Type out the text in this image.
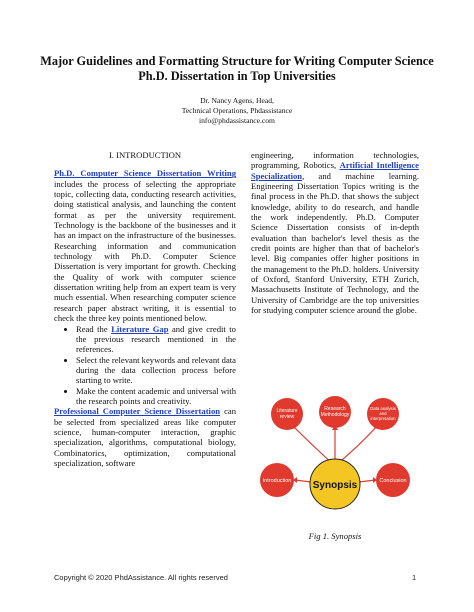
Major Guidelines and Formatting Structure for Writing Computer Science
Ph.D. Dissertation in Top Universities
Dr. Nancy Agens, Head,
Technical Operations, Phdassistance
info@phdassistance.com
I. INTRODUCTION

Ph.D. Computer Science Dissertation Writing includes the process of selecting the appropriate topic, collecting data, conducting research activities, doing statistical analysis, and launching the content format as per the university requirement. Technology is the backbone of the businesses and it has an impact on the infrastructure of the businesses. Researching information and communication technology with Ph.D. Computer Science Dissertation is very important for growth. Checking the Quality of work with computer science dissertation writing help from an expert team is very much essential. When researching computer science research paper abstract writing, it is essential to check the three key points mentioned below.

• Read the Literature Gap and give credit to the previous research mentioned in the references.
• Select the relevant keywords and relevant data during the data collection process before starting to write.
• Make the content academic and universal with the research points and creativity.

Professional Computer Science Dissertation can be selected from specialized areas like computer science, human-computer interaction, graphic specialization, algorithms, computational biology, Combinatorics, optimization, computational specialization, software

engineering, information technologies, programming, Robotics, Artificial Intelligence Specialization, and machine learning. Engineering Dissertation Topics writing is the final process in the Ph.D. that shows the subject knowledge, ability to do research, and handle the work independently. Ph.D. Computer Science Dissertation consists of in-depth evaluation than bachelor's level thesis as the credit points are higher than that of bachelor's level. Big companies offer higher positions in the management to the Ph.D. holders. University of Oxford, Stanford University, ETH Zurich, Massachusetts Institute of Technology, and the University of Cambridge are the top universities for studying computer science around the globe.

Literature
review
Research
Methodology
Data analysis
and
interpretation
Introduction	Conclusion
Synopsis
Fig 1. Synopsis
Copyright © 2020 PhdAssistance. All rights reserved	1
